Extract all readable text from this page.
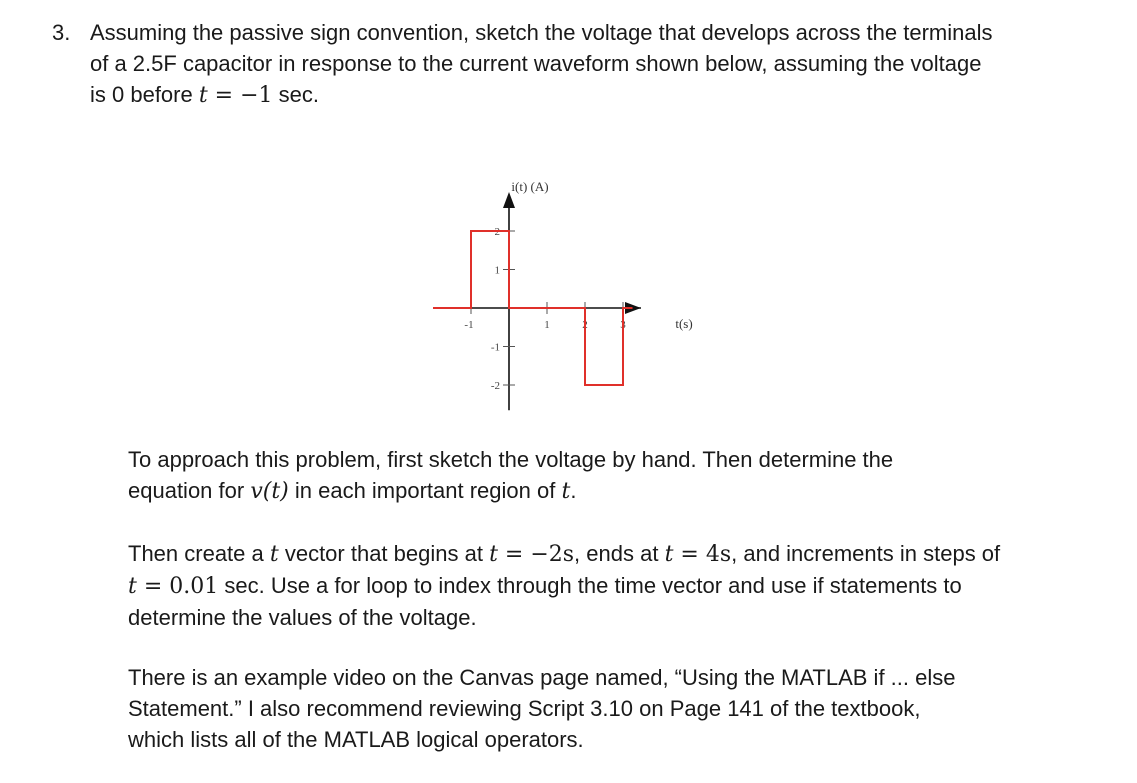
3. Assuming the passive sign convention, sketch the voltage that develops across the terminals
of a 2.5F capacitor in response to the current waveform shown below, assuming the voltage
is 0 before t = −1 sec.
-1	1	2	3
2
1
-1
-2
i(t) (A)
t(s)
To approach this problem, first sketch the voltage by hand. Then determine the
equation for v(t) in each important region of t.
Then create a t vector that begins at t = −2s, ends at t = 4s, and increments in steps of
t = 0.01 sec. Use a for loop to index through the time vector and use if statements to
determine the values of the voltage.
There is an example video on the Canvas page named, “Using the MATLAB if ... else
Statement.” I also recommend reviewing Script 3.10 on Page 141 of the textbook,
which lists all of the MATLAB logical operators.
